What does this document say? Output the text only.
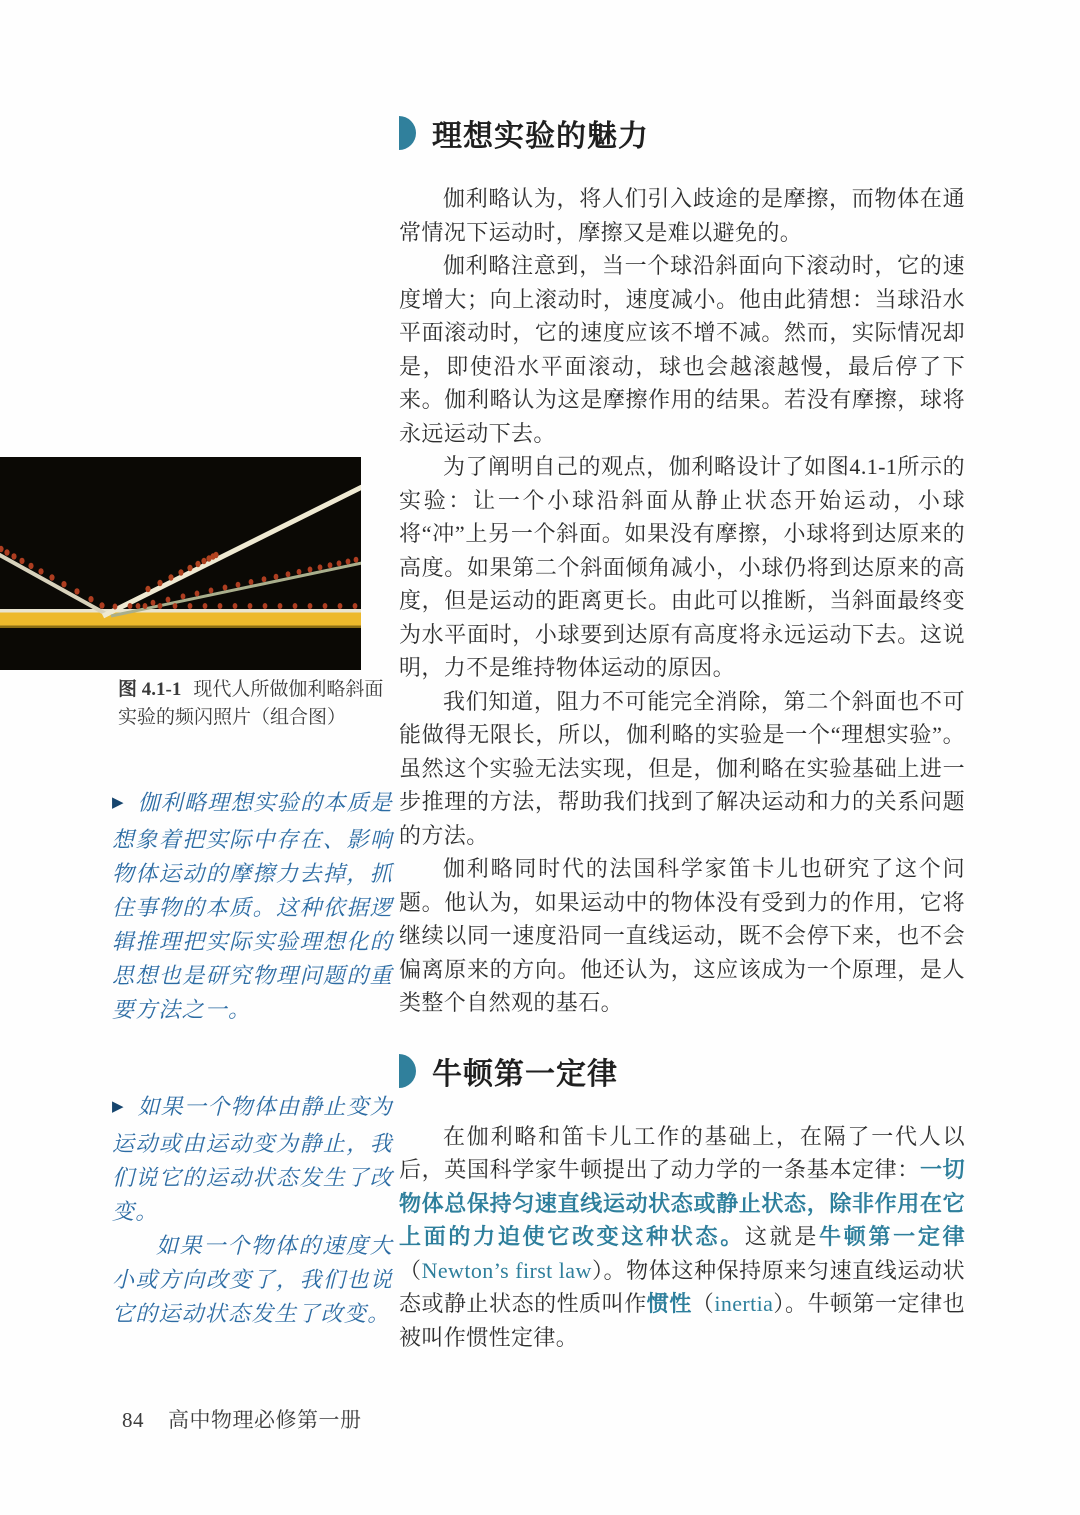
图 4.1-1 现代人所做伽利略斜面实验的频闪照片（组合图）

▶ 伽利略理想实验的本质是想象着把实际中存在、影响物体运动的摩擦力去掉，抓住事物的本质。这种依据逻辑推理把实际实验理想化的思想也是研究物理问题的重要方法之一。

▶ 如果一个物体由静止变为运动或由运动变为静止，我们说它的运动状态发生了改变。

如果一个物体的速度大小或方向改变了，我们也说它的运动状态发生了改变。

理想实验的魅力

伽利略认为，将人们引入歧途的是摩擦，而物体在通常情况下运动时，摩擦又是难以避免的。

伽利略注意到，当一个球沿斜面向下滚动时，它的速度增大；向上滚动时，速度减小。他由此猜想：当球沿水平面滚动时，它的速度应该不增不减。然而，实际情况却是，即使沿水平面滚动，球也会越滚越慢，最后停了下来。伽利略认为这是摩擦作用的结果。若没有摩擦，球将永远运动下去。

为了阐明自己的观点，伽利略设计了如图4.1-1所示的实验：让一个小球沿斜面从静止状态开始运动，小球将“冲”上另一个斜面。如果没有摩擦，小球将到达原来的高度。如果第二个斜面倾角减小，小球仍将到达原来的高度，但是运动的距离更长。由此可以推断，当斜面最终变为水平面时，小球要到达原有高度将永远运动下去。这说明，力不是维持物体运动的原因。

我们知道，阻力不可能完全消除，第二个斜面也不可能做得无限长，所以，伽利略的实验是一个“理想实验”。虽然这个实验无法实现，但是，伽利略在实验基础上进一步推理的方法，帮助我们找到了解决运动和力的关系问题的方法。

伽利略同时代的法国科学家笛卡儿也研究了这个问题。他认为，如果运动中的物体没有受到力的作用，它将继续以同一速度沿同一直线运动，既不会停下来，也不会偏离原来的方向。他还认为，这应该成为一个原理，是人类整个自然观的基石。

牛顿第一定律

在伽利略和笛卡儿工作的基础上，在隔了一代人以后，英国科学家牛顿提出了动力学的一条基本定律：一切物体总保持匀速直线运动状态或静止状态，除非作用在它上面的力迫使它改变这种状态。这就是牛顿第一定律（Newton’s first law）。物体这种保持原来匀速直线运动状态或静止状态的性质叫作惯性（inertia）。牛顿第一定律也被叫作惯性定律。

84 高中物理必修第一册
